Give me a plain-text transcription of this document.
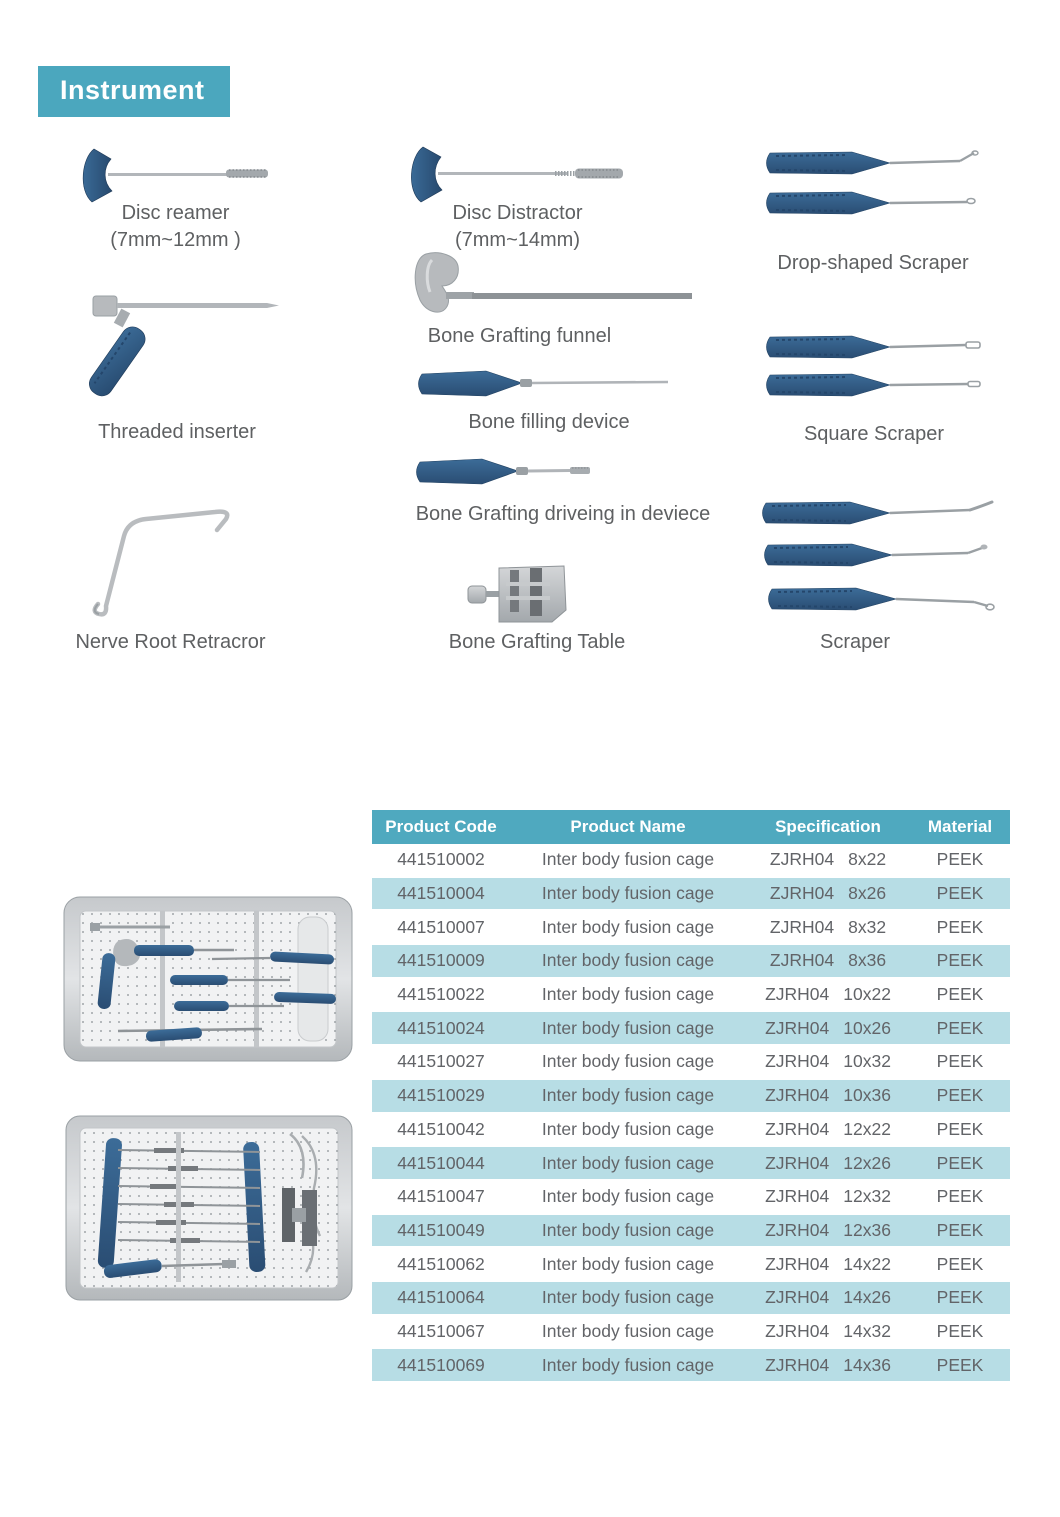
Instrument
Disc reamer
(7mm~12mm )
Disc Distractor
(7mm~14mm)
Drop-shaped Scraper
Bone Grafting funnel
Threaded inserter	Bone filling device
Square Scraper
Bone Grafting driveing in deviece
Nerve Root Retracror	Bone Grafting Table	Scraper
Product Code	Product Name	Specification	Material
441510002	Inter body fusion cage	ZJRH04 8x22	PEEK
441510004	Inter body fusion cage	ZJRH04 8x26	PEEK
441510007	Inter body fusion cage	ZJRH04 8x32	PEEK
441510009	Inter body fusion cage	ZJRH04 8x36	PEEK
441510022	Inter body fusion cage	ZJRH04 10x22	PEEK
441510024	Inter body fusion cage	ZJRH04 10x26	PEEK
441510027	Inter body fusion cage	ZJRH04 10x32	PEEK
441510029	Inter body fusion cage	ZJRH04 10x36	PEEK
441510042	Inter body fusion cage	ZJRH04 12x22	PEEK
441510044	Inter body fusion cage	ZJRH04 12x26	PEEK
441510047	Inter body fusion cage	ZJRH04 12x32	PEEK
441510049	Inter body fusion cage	ZJRH04 12x36	PEEK
441510062	Inter body fusion cage	ZJRH04 14x22	PEEK
441510064	Inter body fusion cage	ZJRH04 14x26	PEEK
441510067	Inter body fusion cage	ZJRH04 14x32	PEEK
441510069	Inter body fusion cage	ZJRH04 14x36	PEEK
